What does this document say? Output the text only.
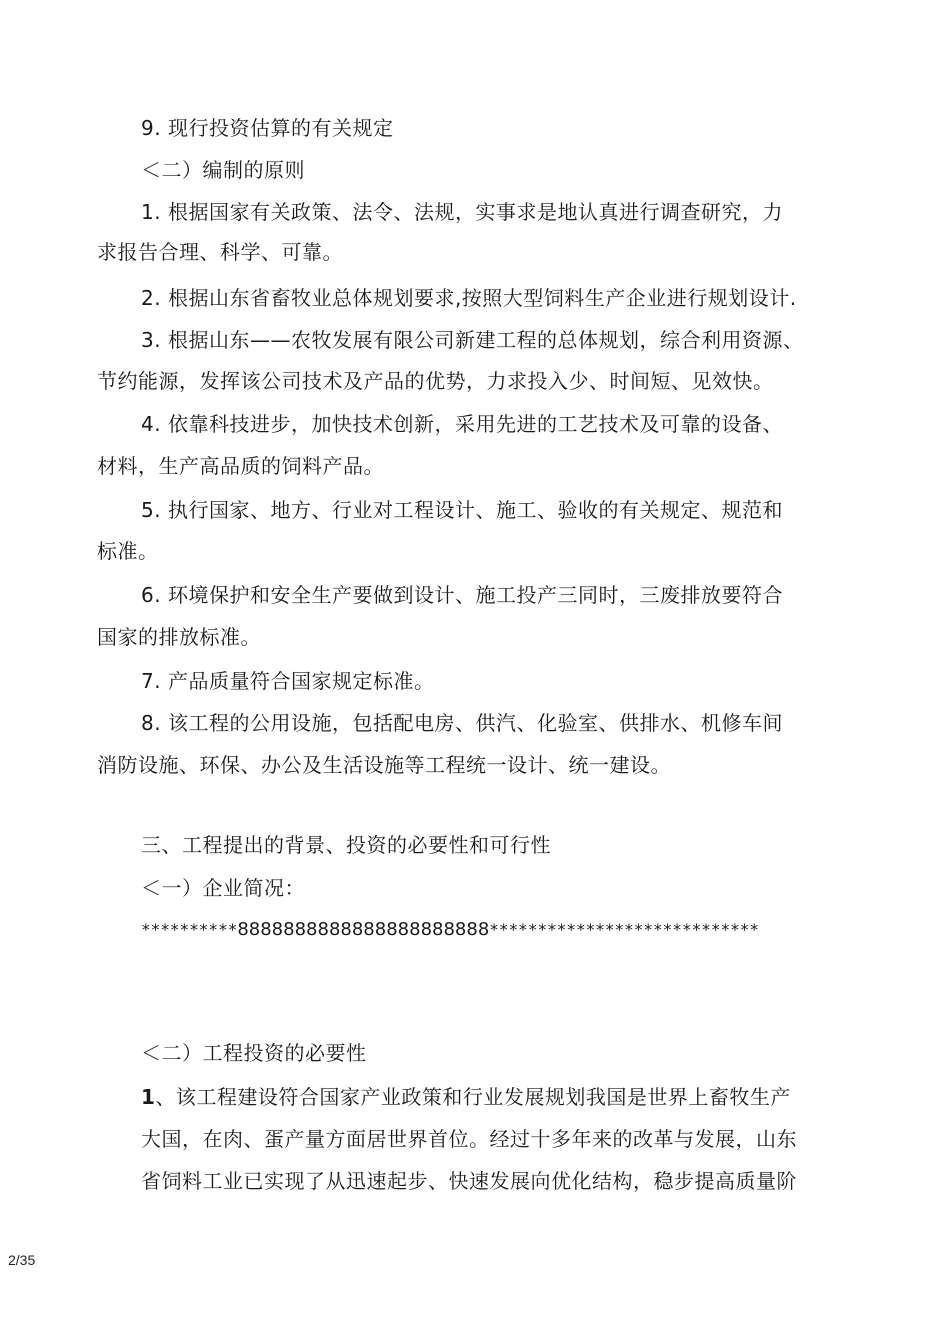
9. 现行投资估算的有关规定
＜二）编制的原则
1. 根据国家有关政策、法令、法规，实事求是地认真进行调查研究，力
求报告合理、科学、可靠。
2. 根据山东省畜牧业总体规划要求,按照大型饲料生产企业进行规划设计.
3. 根据山东——农牧发展有限公司新建工程的总体规划，综合利用资源、
节约能源，发挥该公司技术及产品的优势，力求投入少、时间短、见效快。
4. 依靠科技进步，加快技术创新，采用先进的工艺技术及可靠的设备、
材料，生产高品质的饲料产品。
5. 执行国家、地方、行业对工程设计、施工、验收的有关规定、规范和
标准。
6. 环境保护和安全生产要做到设计、施工投产三同时，三废排放要符合
国家的排放标准。
7. 产品质量符合国家规定标准。
8. 该工程的公用设施，包括配电房、供汽、化验室、供排水、机修车间
消防设施、环保、办公及生活设施等工程统一设计、统一建设。
三、工程提出的背景、投资的必要性和可行性
＜一）企业简况：
**********8888888888888888888888****************************
＜二）工程投资的必要性
1、该工程建设符合国家产业政策和行业发展规划我国是世界上畜牧生产
大国，在肉、蛋产量方面居世界首位。经过十多年来的改革与发展，山东
省饲料工业已实现了从迅速起步、快速发展向优化结构，稳步提高质量阶
2/35
